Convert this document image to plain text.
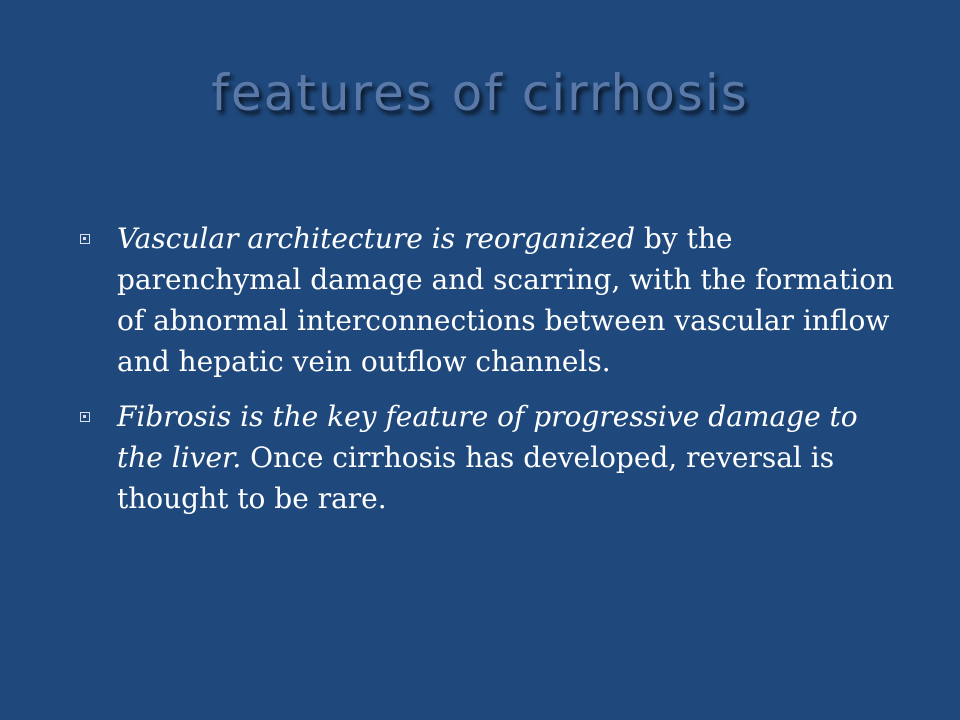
features of cirrhosis
Vascular architecture is reorganized by the parenchymal damage and scarring, with the formation of abnormal interconnections between vascular inflow and hepatic vein outflow channels.
Fibrosis is the key feature of progressive damage to the liver. Once cirrhosis has developed, reversal is thought to be rare.
